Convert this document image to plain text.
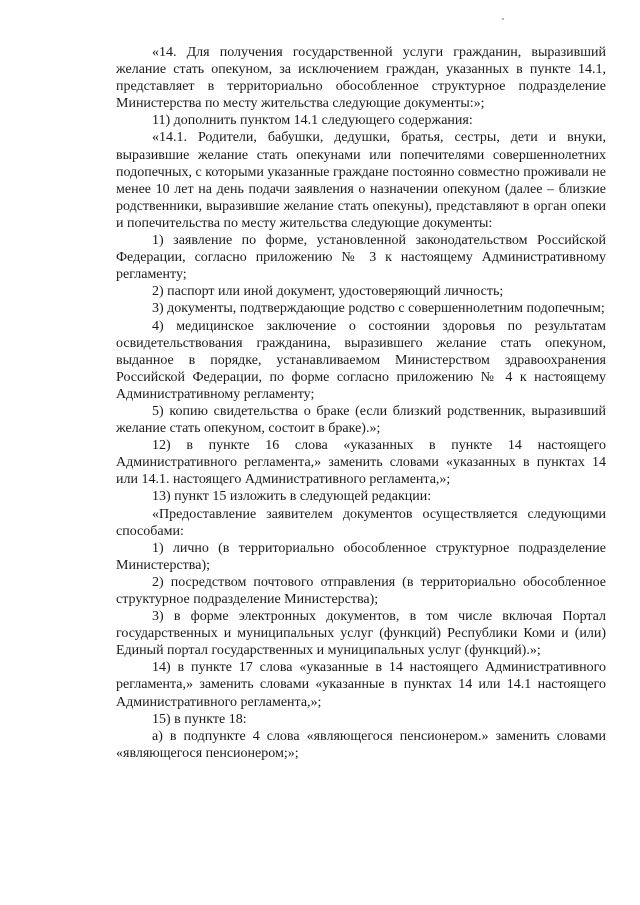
«14. Для получения государственной услуги гражданин, выразивший желание стать опекуном, за исключением граждан, указанных в пункте 14.1, представляет в территориально обособленное структурное подразделение Министерства по месту жительства следующие документы:»;

11) дополнить пунктом 14.1 следующего содержания:

«14.1. Родители, бабушки, дедушки, братья, сестры, дети и внуки, выразившие желание стать опекунами или попечителями совершеннолетних подопечных, с которыми указанные граждане постоянно совместно проживали не менее 10 лет на день подачи заявления о назначении опекуном (далее – близкие родственники, выразившие желание стать опекуны), представляют в орган опеки и попечительства по месту жительства следующие документы:

1) заявление по форме, установленной законодательством Российской Федерации, согласно приложению № 3 к настоящему Административному регламенту;

2) паспорт или иной документ, удостоверяющий личность;

3) документы, подтверждающие родство с совершеннолетним подопечным;

4) медицинское заключение о состоянии здоровья по результатам освидетельствования гражданина, выразившего желание стать опекуном, выданное в порядке, устанавливаемом Министерством здравоохранения Российской Федерации, по форме согласно приложению № 4 к настоящему Административному регламенту;

5) копию свидетельства о браке (если близкий родственник, выразивший желание стать опекуном, состоит в браке).»;

12) в пункте 16 слова «указанных в пункте 14 настоящего Административного регламента,» заменить словами «указанных в пунктах 14 или 14.1. настоящего Административного регламента,»;

13) пункт 15 изложить в следующей редакции:

«Предоставление заявителем документов осуществляется следующими способами:

1) лично (в территориально обособленное структурное подразделение Министерства);

2) посредством почтового отправления (в территориально обособленное структурное подразделение Министерства);

3) в форме электронных документов, в том числе включая Портал государственных и муниципальных услуг (функций) Республики Коми и (или) Единый портал государственных и муниципальных услуг (функций).»;

14) в пункте 17 слова «указанные в 14 настоящего Административного регламента,» заменить словами «указанные в пунктах 14 или 14.1 настоящего Административного регламента,»;

15) в пункте 18:

а) в подпункте 4 слова «являющегося пенсионером.» заменить словами «являющегося пенсионером;»;
